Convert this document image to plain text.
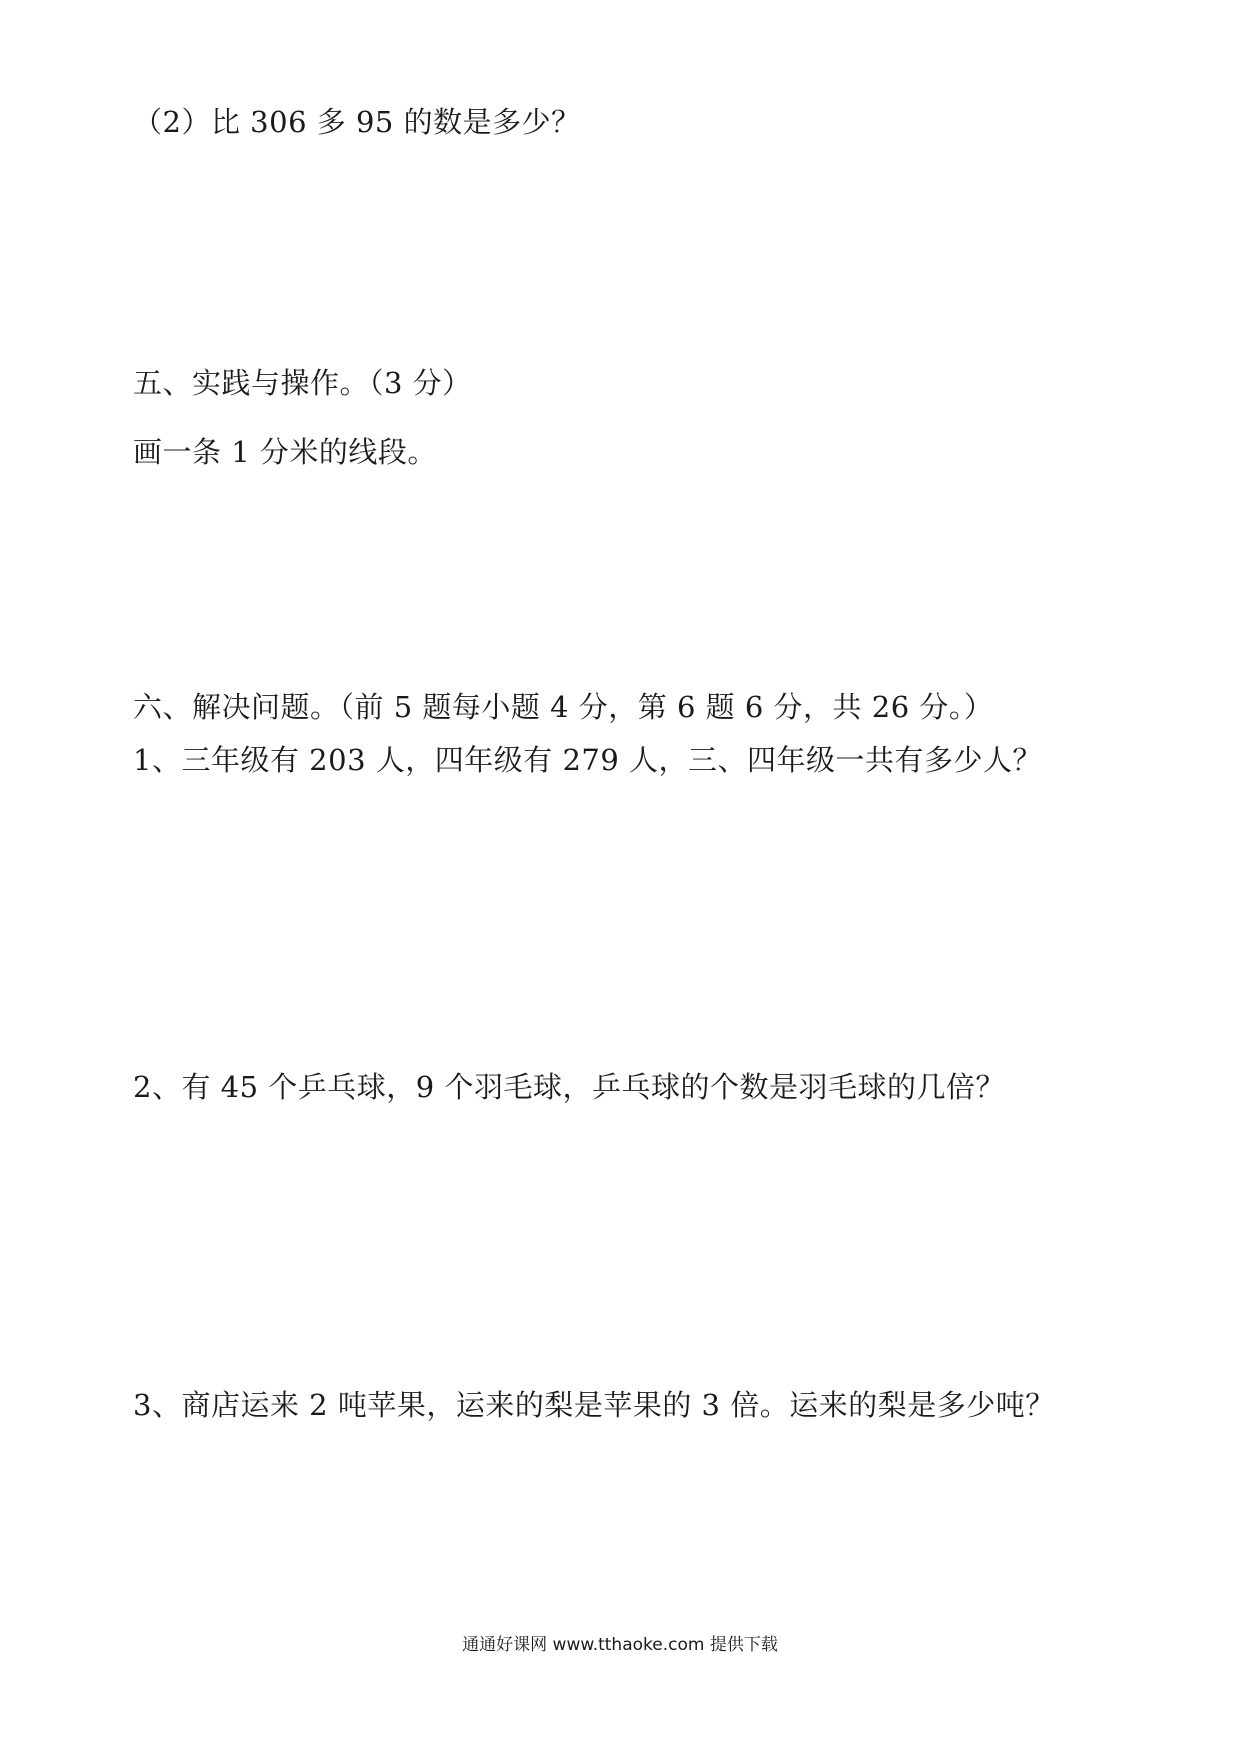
（2）比 306 多 95 的数是多少？
五、实践与操作。（3 分）
画一条 1 分米的线段。
六、解决问题。（前 5 题每小题 4 分，第 6 题 6 分，共 26 分。）
1、三年级有 203 人，四年级有 279 人，三、四年级一共有多少人？
2、有 45 个乒乓球，9 个羽毛球，乒乓球的个数是羽毛球的几倍？
3、商店运来 2 吨苹果，运来的梨是苹果的 3 倍。运来的梨是多少吨？
通通好课网 www.tthaoke.com 提供下载
